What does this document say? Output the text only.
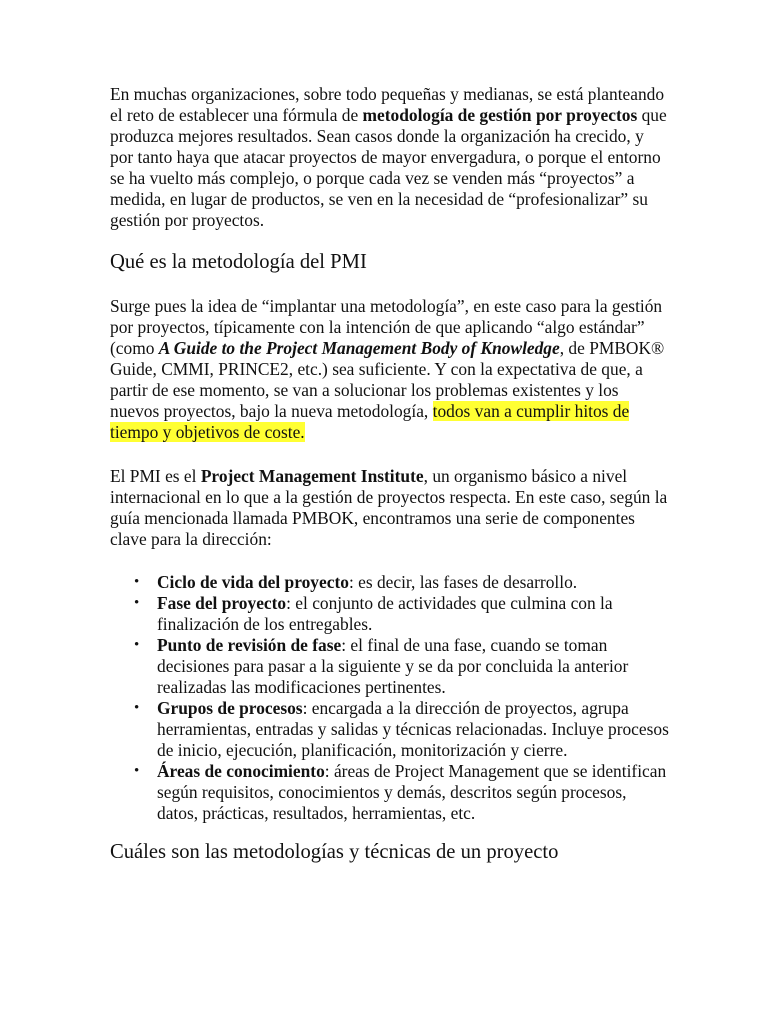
En muchas organizaciones, sobre todo pequeñas y medianas, se está planteando el reto de establecer una fórmula de metodología de gestión por proyectos que produzca mejores resultados. Sean casos donde la organización ha crecido, y por tanto haya que atacar proyectos de mayor envergadura, o porque el entorno se ha vuelto más complejo, o porque cada vez se venden más “proyectos” a medida, en lugar de productos, se ven en la necesidad de “profesionalizar” su gestión por proyectos.

Qué es la metodología del PMI

Surge pues la idea de “implantar una metodología”, en este caso para la gestión por proyectos, típicamente con la intención de que aplicando “algo estándar” (como A Guide to the Project Management Body of Knowledge, de PMBOK® Guide, CMMI, PRINCE2, etc.) sea suficiente. Y con la expectativa de que, a partir de ese momento, se van a solucionar los problemas existentes y los nuevos proyectos, bajo la nueva metodología, todos van a cumplir hitos de tiempo y objetivos de coste.

El PMI es el Project Management Institute, un organismo básico a nivel internacional en lo que a la gestión de proyectos respecta. En este caso, según la guía mencionada llamada PMBOK, encontramos una serie de componentes clave para la dirección:

• Ciclo de vida del proyecto: es decir, las fases de desarrollo.
• Fase del proyecto: el conjunto de actividades que culmina con la finalización de los entregables.
• Punto de revisión de fase: el final de una fase, cuando se toman decisiones para pasar a la siguiente y se da por concluida la anterior realizadas las modificaciones pertinentes.
• Grupos de procesos: encargada a la dirección de proyectos, agrupa herramientas, entradas y salidas y técnicas relacionadas. Incluye procesos de inicio, ejecución, planificación, monitorización y cierre.
• Áreas de conocimiento: áreas de Project Management que se identifican según requisitos, conocimientos y demás, descritos según procesos, datos, prácticas, resultados, herramientas, etc.
Cuáles son las metodologías y técnicas de un proyecto
